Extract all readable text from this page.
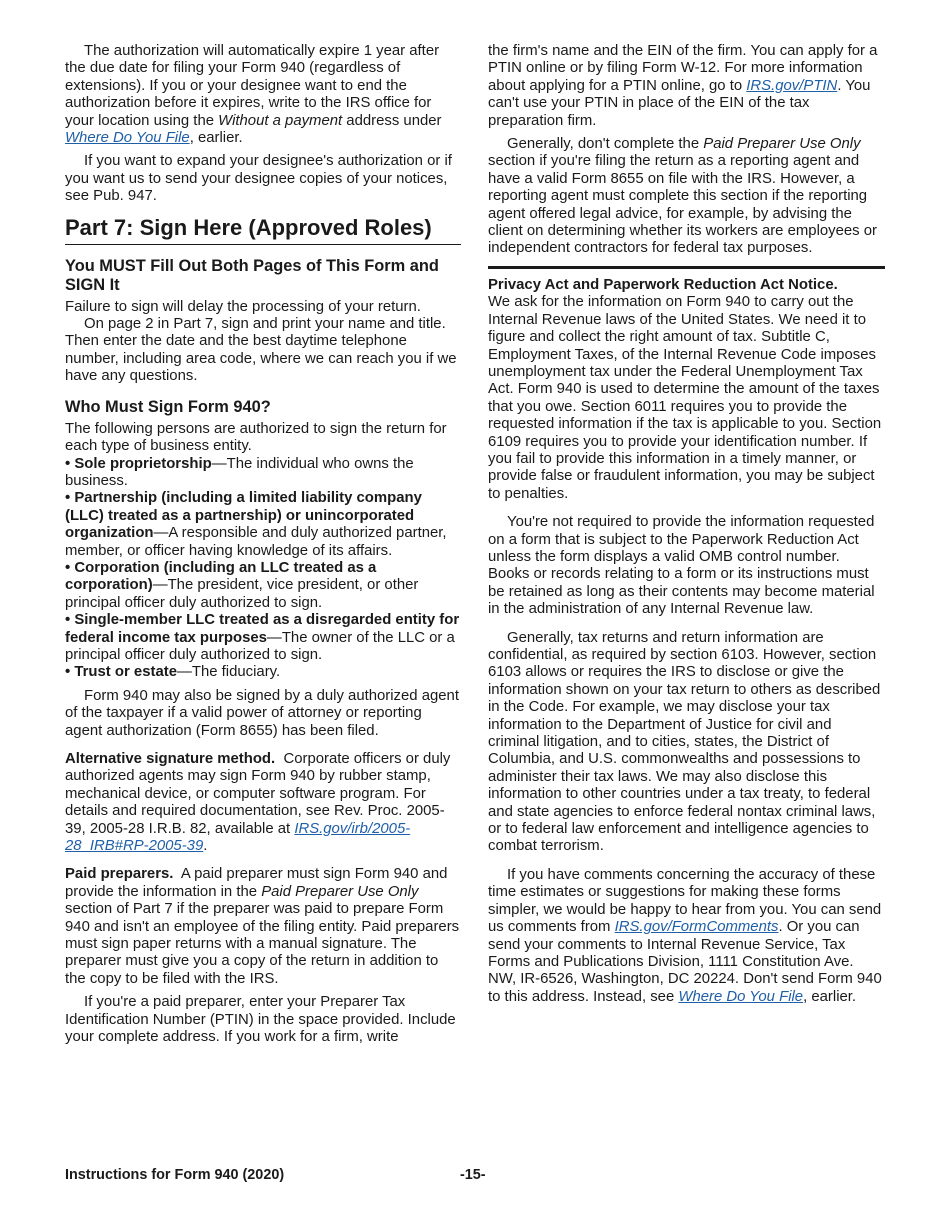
The authorization will automatically expire 1 year after the due date for filing your Form 940 (regardless of extensions). If you or your designee want to end the authorization before it expires, write to the IRS office for your location using the Without a payment address under Where Do You File, earlier.

If you want to expand your designee's authorization or if you want us to send your designee copies of your notices, see Pub. 947.

Part 7: Sign Here (Approved Roles)
You MUST Fill Out Both Pages of This Form and SIGN It

Failure to sign will delay the processing of your return.

On page 2 in Part 7, sign and print your name and title. Then enter the date and the best daytime telephone number, including area code, where we can reach you if we have any questions.

Who Must Sign Form 940?

The following persons are authorized to sign the return for each type of business entity.

• Sole proprietorship—The individual who owns the business.
• Partnership (including a limited liability company (LLC) treated as a partnership) or unincorporated organization—A responsible and duly authorized partner, member, or officer having knowledge of its affairs.
• Corporation (including an LLC treated as a corporation)—The president, vice president, or other principal officer duly authorized to sign.
• Single-member LLC treated as a disregarded entity for federal income tax purposes—The owner of the LLC or a principal officer duly authorized to sign.
• Trust or estate—The fiduciary.

Form 940 may also be signed by a duly authorized agent of the taxpayer if a valid power of attorney or reporting agent authorization (Form 8655) has been filed.

Alternative signature method. Corporate officers or duly authorized agents may sign Form 940 by rubber stamp, mechanical device, or computer software program. For details and required documentation, see Rev. Proc. 2005-39, 2005-28 I.R.B. 82, available at IRS.gov/irb/2005-28_IRB#RP-2005-39.

Paid preparers. A paid preparer must sign Form 940 and provide the information in the Paid Preparer Use Only section of Part 7 if the preparer was paid to prepare Form 940 and isn't an employee of the filing entity. Paid preparers must sign paper returns with a manual signature. The preparer must give you a copy of the return in addition to the copy to be filed with the IRS.

If you're a paid preparer, enter your Preparer Tax Identification Number (PTIN) in the space provided. Include your complete address. If you work for a firm, write

the firm's name and the EIN of the firm. You can apply for a PTIN online or by filing Form W-12. For more information about applying for a PTIN online, go to IRS.gov/PTIN. You can't use your PTIN in place of the EIN of the tax preparation firm.

Generally, don't complete the Paid Preparer Use Only section if you're filing the return as a reporting agent and have a valid Form 8655 on file with the IRS. However, a reporting agent must complete this section if the reporting agent offered legal advice, for example, by advising the client on determining whether its workers are employees or independent contractors for federal tax purposes.

Privacy Act and Paperwork Reduction Act Notice.
We ask for the information on Form 940 to carry out the Internal Revenue laws of the United States. We need it to figure and collect the right amount of tax. Subtitle C, Employment Taxes, of the Internal Revenue Code imposes unemployment tax under the Federal Unemployment Tax Act. Form 940 is used to determine the amount of the taxes that you owe. Section 6011 requires you to provide the requested information if the tax is applicable to you. Section 6109 requires you to provide your identification number. If you fail to provide this information in a timely manner, or provide false or fraudulent information, you may be subject to penalties.

You're not required to provide the information requested on a form that is subject to the Paperwork Reduction Act unless the form displays a valid OMB control number. Books or records relating to a form or its instructions must be retained as long as their contents may become material in the administration of any Internal Revenue law.

Generally, tax returns and return information are confidential, as required by section 6103. However, section 6103 allows or requires the IRS to disclose or give the information shown on your tax return to others as described in the Code. For example, we may disclose your tax information to the Department of Justice for civil and criminal litigation, and to cities, states, the District of Columbia, and U.S. commonwealths and possessions to administer their tax laws. We may also disclose this information to other countries under a tax treaty, to federal and state agencies to enforce federal nontax criminal laws, or to federal law enforcement and intelligence agencies to combat terrorism.

If you have comments concerning the accuracy of these time estimates or suggestions for making these forms simpler, we would be happy to hear from you. You can send us comments from IRS.gov/FormComments. Or you can send your comments to Internal Revenue Service, Tax Forms and Publications Division, 1111 Constitution Ave. NW, IR-6526, Washington, DC 20224. Don't send Form 940 to this address. Instead, see Where Do You File, earlier.

Instructions for Form 940 (2020)	-15-
